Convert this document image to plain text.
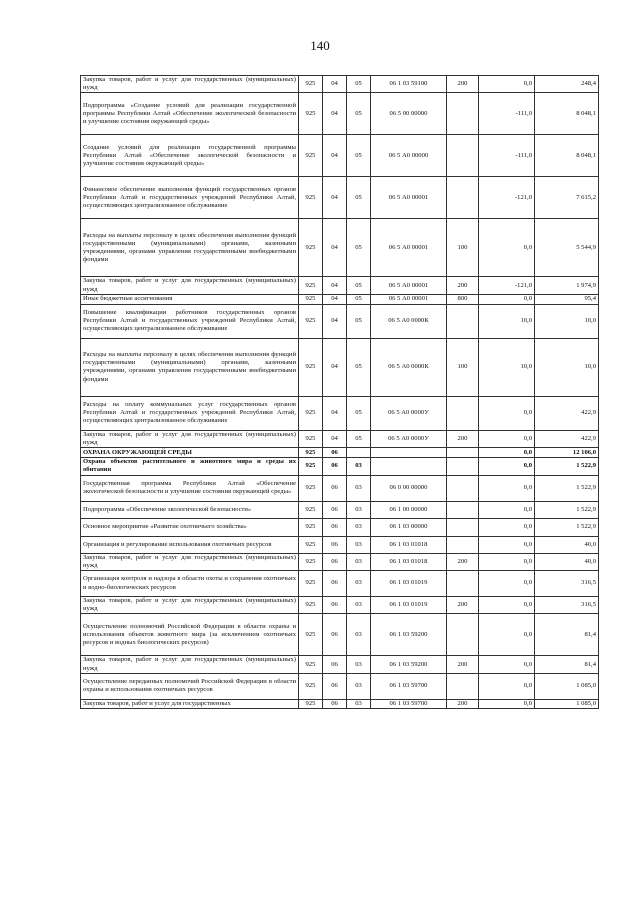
140
Закупка товаров, работ и услуг для государственных (муниципальных) нужд	925	04	05	06 1 03 59100	200	0,0	248,4
Подпрограмма «Создание условий для реализации государственной программы Республики Алтай «Обеспечение экологической безопасности и улучшение состояния окружающей среды»	925	04	05	06 5 00 00000		-111,0	8 048,1
Создание условий для реализации государственной программы Республики Алтай «Обеспечение экологической безопасности и улучшение состояния окружающей среды»	925	04	05	06 5 А0 00000		-111,0	8 048,1
Финансовое обеспечение выполнения функций государственных органов Республики Алтай и государственных учреждений Республики Алтай, осуществляющих централизованное обслуживание	925	04	05	06 5 А0 00001		-121,0	7 615,2
Расходы на выплаты персоналу в целях обеспечения выполнения функций государственными (муниципальными) органами, казенными учреждениями, органами управления государственными внебюджетными фондами	925	04	05	06 5 А0 00001	100	0,0	5 544,9
Закупка товаров, работ и услуг для государственных (муниципальных) нужд	925	04	05	06 5 А0 00001	200	-121,0	1 974,9
Иные бюджетные ассигнования	925	04	05	06 5 А0 00001	800	0,0	95,4
Повышение квалификации работников государственных органов Республики Алтай и государственных учреждений Республики Алтай, осуществляющих централизованное обслуживание	925	04	05	06 5 А0 0000К		10,0	10,0
Расходы на выплаты персоналу в целях обеспечения выполнения функций государственными (муниципальными) органами, казенными учреждениями, органами управления государственными внебюджетными фондами	925	04	05	06 5 А0 0000К	100	10,0	10,0
Расходы на оплату коммунальных услуг государственных органов Республики Алтай и государственных учреждений Республики Алтай, осуществляющих централизованное обслуживание	925	04	05	06 5 А0 0000У		0,0	422,9
Закупка товаров, работ и услуг для государственных (муниципальных) нужд	925	04	05	06 5 А0 0000У	200	0,0	422,9
ОХРАНА ОКРУЖАЮЩЕЙ СРЕДЫ	925	06				0,0	12 106,0
Охрана объектов растительного и животного мира и среды их обитания	925	06	03			0,0	1 522,9
Государственная программа Республики Алтай «Обеспечение экологической безопасности и улучшение состояния окружающей среды»	925	06	03	06 0 00 00000		0,0	1 522,9
Подпрограмма «Обеспечение экологической безопасности»	925	06	03	06 1 00 00000		0,0	1 522,9
Основное мероприятие «Развитие охотничьего хозяйства»	925	06	03	06 1 03 00000		0,0	1 522,9
Организация и регулирование использования охотничьих ресурсов	925	06	03	06 1 03 01018		0,0	40,0
Закупка товаров, работ и услуг для государственных (муниципальных) нужд	925	06	03	06 1 03 01018	200	0,0	40,0
Организация контроля и надзора в области охоты и сохранения охотничьих и водно-биологических ресурсов	925	06	03	06 1 03 01019		0,0	316,5
Закупка товаров, работ и услуг для государственных (муниципальных) нужд	925	06	03	06 1 03 01019	200	0,0	316,5
Осуществление полномочий Российской Федерации в области охраны и использования объектов животного мира (за исключением охотничьих ресурсов и водных биологических ресурсов)	925	06	03	06 1 03 59200		0,0	81,4
Закупка товаров, работ и услуг для государственных (муниципальных) нужд	925	06	03	06 1 03 59200	200	0,0	81,4
Осуществление переданных полномочий Российской Федерации в области охраны и использования охотничьих ресурсов	925	06	03	06 1 03 59700		0,0	1 085,0
Закупка товаров, работ и услуг для государственных	925	06	03	06 1 03 59700	200	0,0	1 085,0
